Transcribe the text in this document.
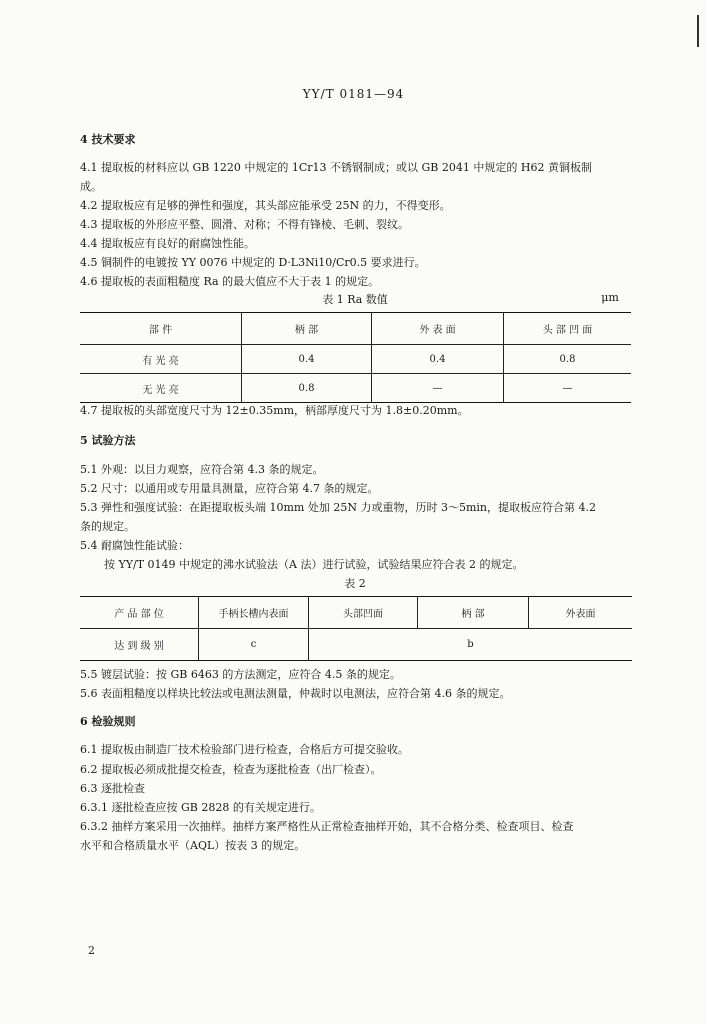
YY/T 0181—94
4 技术要求
4.1 提取板的材料应以 GB 1220 中规定的 1Cr13 不锈钢制成；或以 GB 2041 中规定的 H62 黄铜板制
成。
4.2 提取板应有足够的弹性和强度，其头部应能承受 25N 的力，不得变形。
4.3 提取板的外形应平整、圆滑、对称；不得有锋棱、毛刺、裂纹。
4.4 提取板应有良好的耐腐蚀性能。
4.5 铜制件的电镀按 YY 0076 中规定的 D·L3Ni10/Cr0.5 要求进行。
4.6 提取板的表面粗糙度 Ra 的最大值应不大于表 1 的规定。
表 1 Ra 数值	μm
部 件	柄 部	外 表 面	头 部 凹 面
有 光 亮	0.4	0.4	0.8
无 光 亮	0.8	—	—
4.7 提取板的头部宽度尺寸为 12±0.35mm，柄部厚度尺寸为 1.8±0.20mm。
5 试验方法
5.1 外观：以目力观察，应符合第 4.3 条的规定。
5.2 尺寸：以通用或专用量具测量，应符合第 4.7 条的规定。
5.3 弹性和强度试验：在距提取板头端 10mm 处加 25N 力或重物，历时 3～5min，提取板应符合第 4.2
条的规定。
5.4 耐腐蚀性能试验：
按 YY/T 0149 中规定的沸水试验法（A 法）进行试验，试验结果应符合表 2 的规定。
表 2
产 品 部 位	手柄长槽内表面	头部凹面	柄 部	外表面
达 到 级 别	c	b		
5.5 镀层试验：按 GB 6463 的方法测定，应符合 4.5 条的规定。
5.6 表面粗糙度以样块比较法或电测法测量，仲裁时以电测法，应符合第 4.6 条的规定。
6 检验规则
6.1 提取板由制造厂技术检验部门进行检查，合格后方可提交验收。
6.2 提取板必须成批提交检查，检查为逐批检查（出厂检查）。
6.3 逐批检查
6.3.1 逐批检查应按 GB 2828 的有关规定进行。
6.3.2 抽样方案采用一次抽样。抽样方案严格性从正常检查抽样开始，其不合格分类、检查项目、检查
水平和合格质量水平（AQL）按表 3 的规定。
2
